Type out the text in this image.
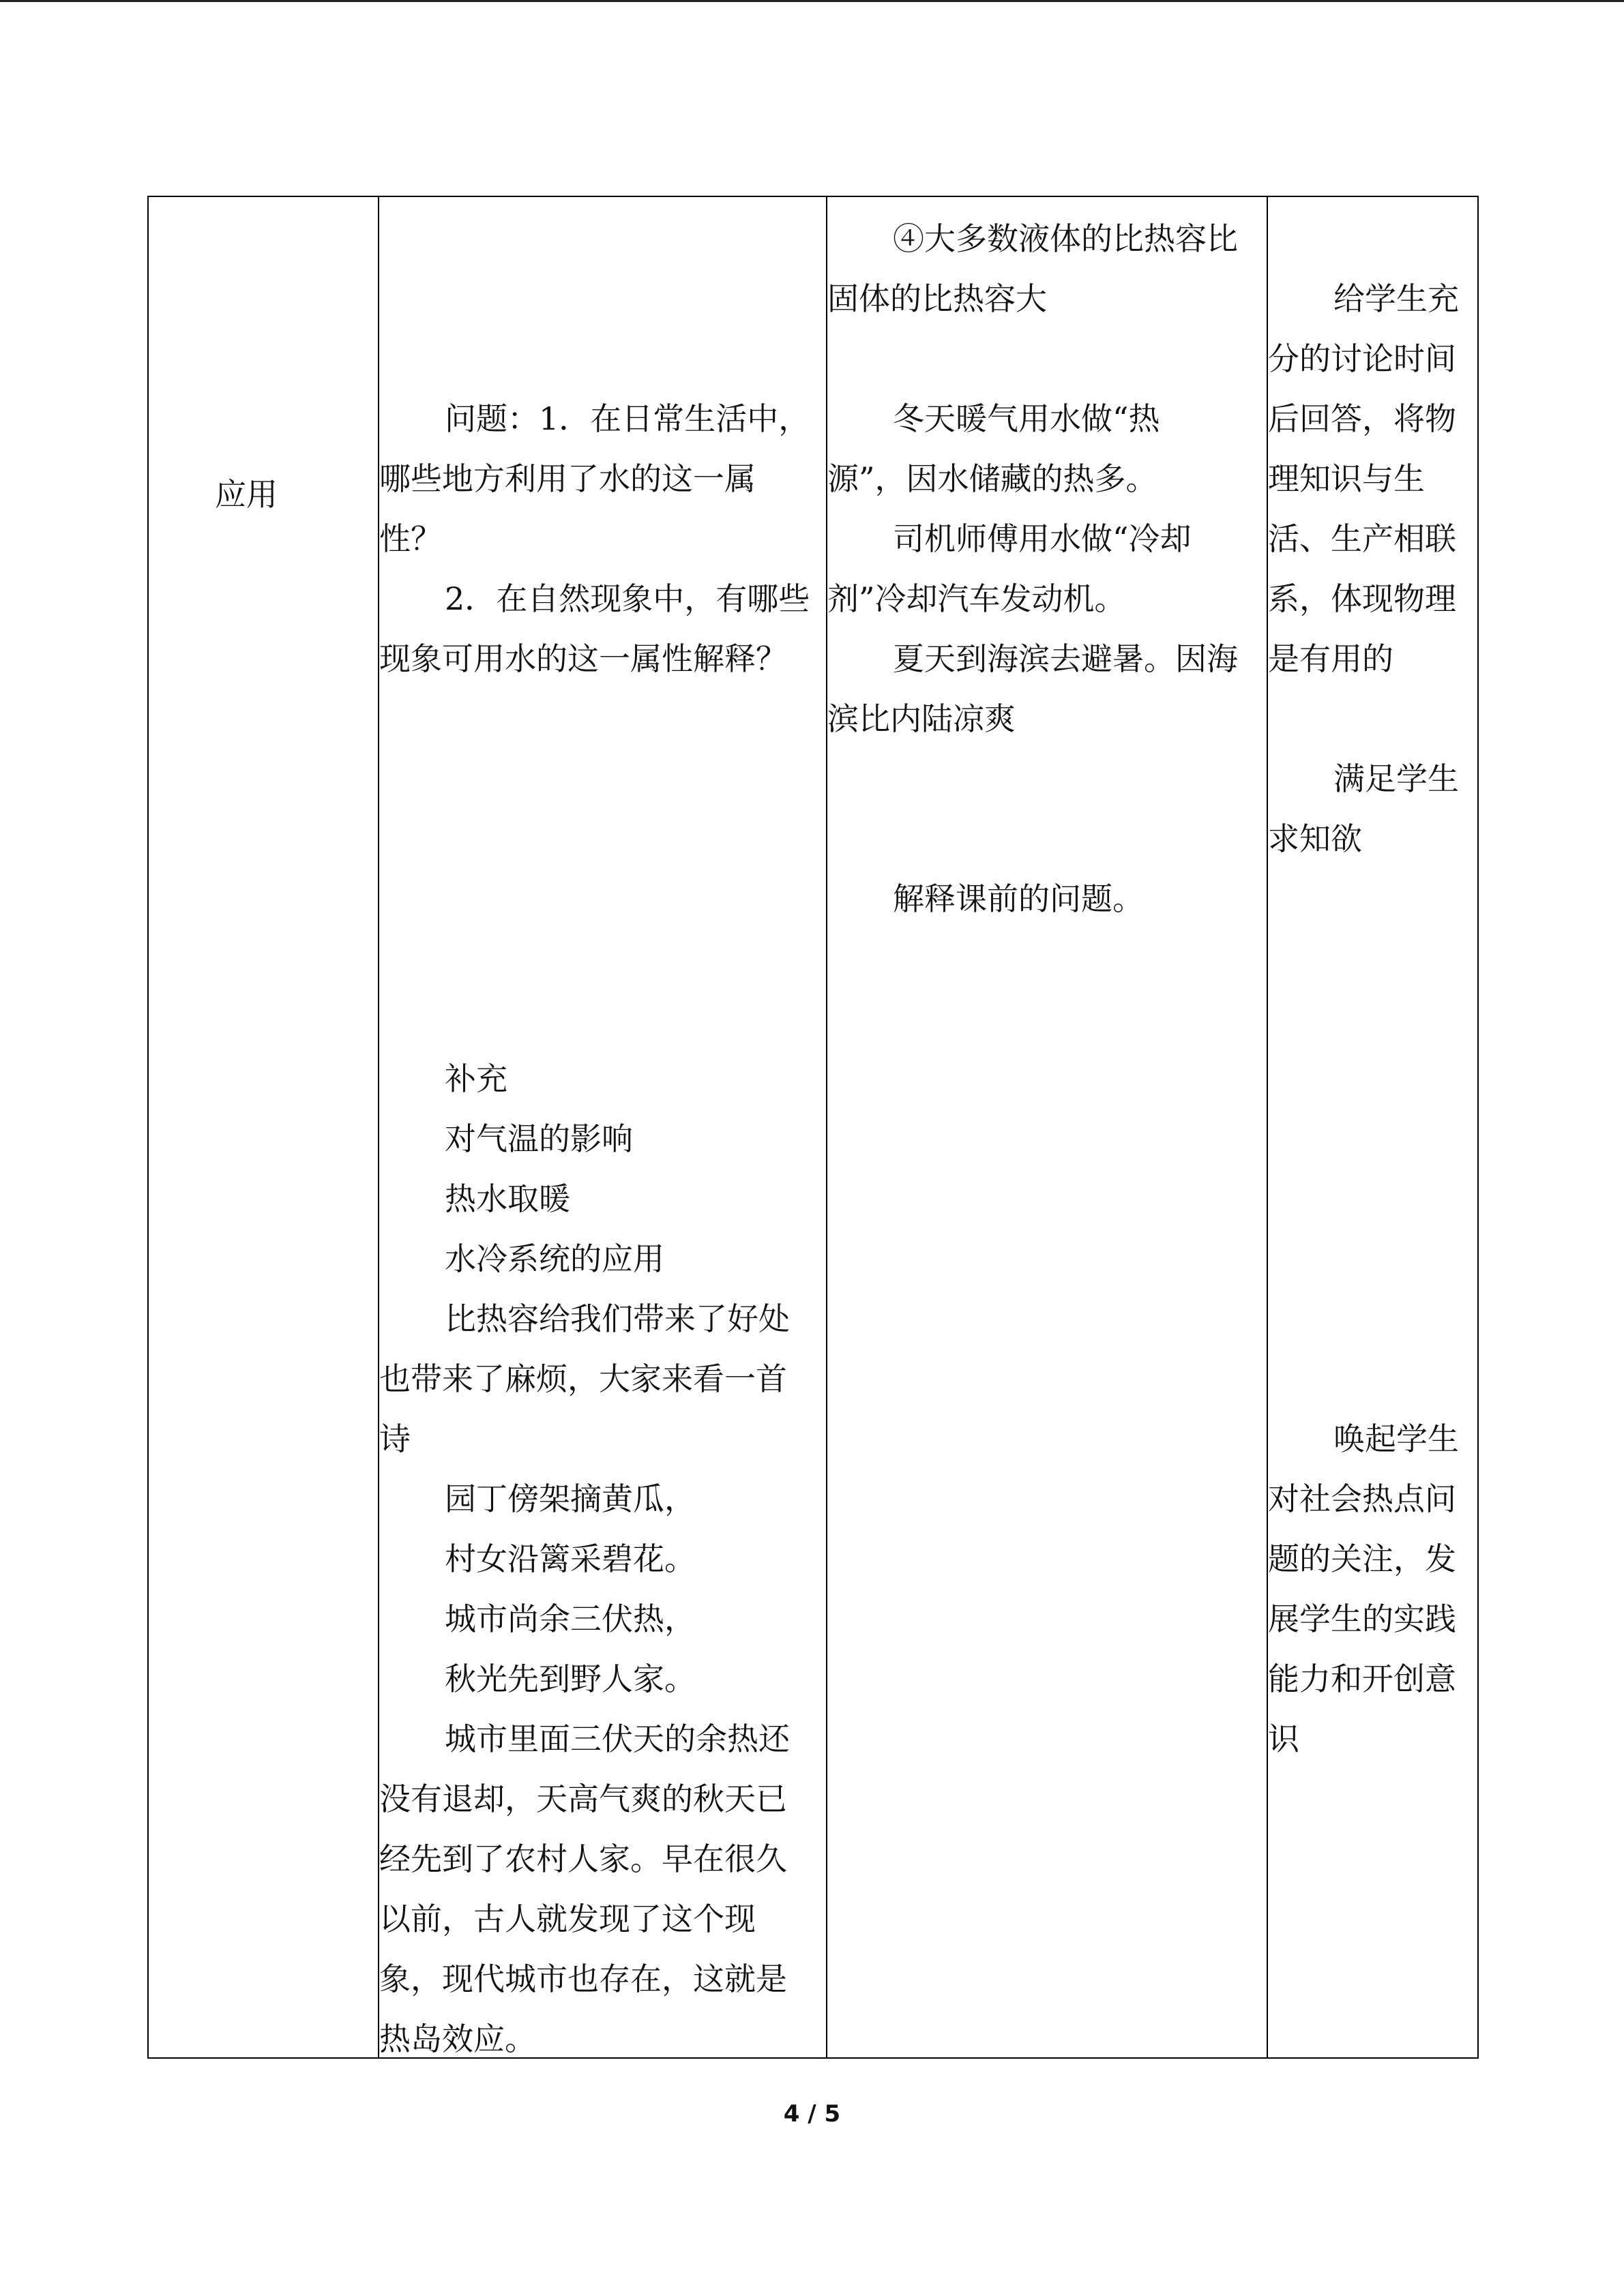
应用

问题：1．在日常生活中，
哪些地方利用了水的这一属
性？
2．在自然现象中，有哪些
现象可用水的这一属性解释？
补充
对气温的影响
热水取暖
水冷系统的应用
比热容给我们带来了好处
也带来了麻烦，大家来看一首
诗
园丁傍架摘黄瓜，
村女沿篱采碧花。
城市尚余三伏热，
秋光先到野人家。
城市里面三伏天的余热还
没有退却，天高气爽的秋天已
经先到了农村人家。早在很久
以前，古人就发现了这个现
象，现代城市也存在，这就是
热岛效应。

④大多数液体的比热容比
固体的比热容大
冬天暖气用水做“热
源”，因水储藏的热多。
司机师傅用水做“冷却
剂”冷却汽车发动机。
夏天到海滨去避暑。因海
滨比内陆凉爽
解释课前的问题。

给学生充
分的讨论时间
后回答，将物
理知识与生
活、生产相联
系，体现物理
是有用的
满足学生
求知欲
唤起学生
对社会热点问
题的关注，发
展学生的实践
能力和开创意
识
4 / 5
